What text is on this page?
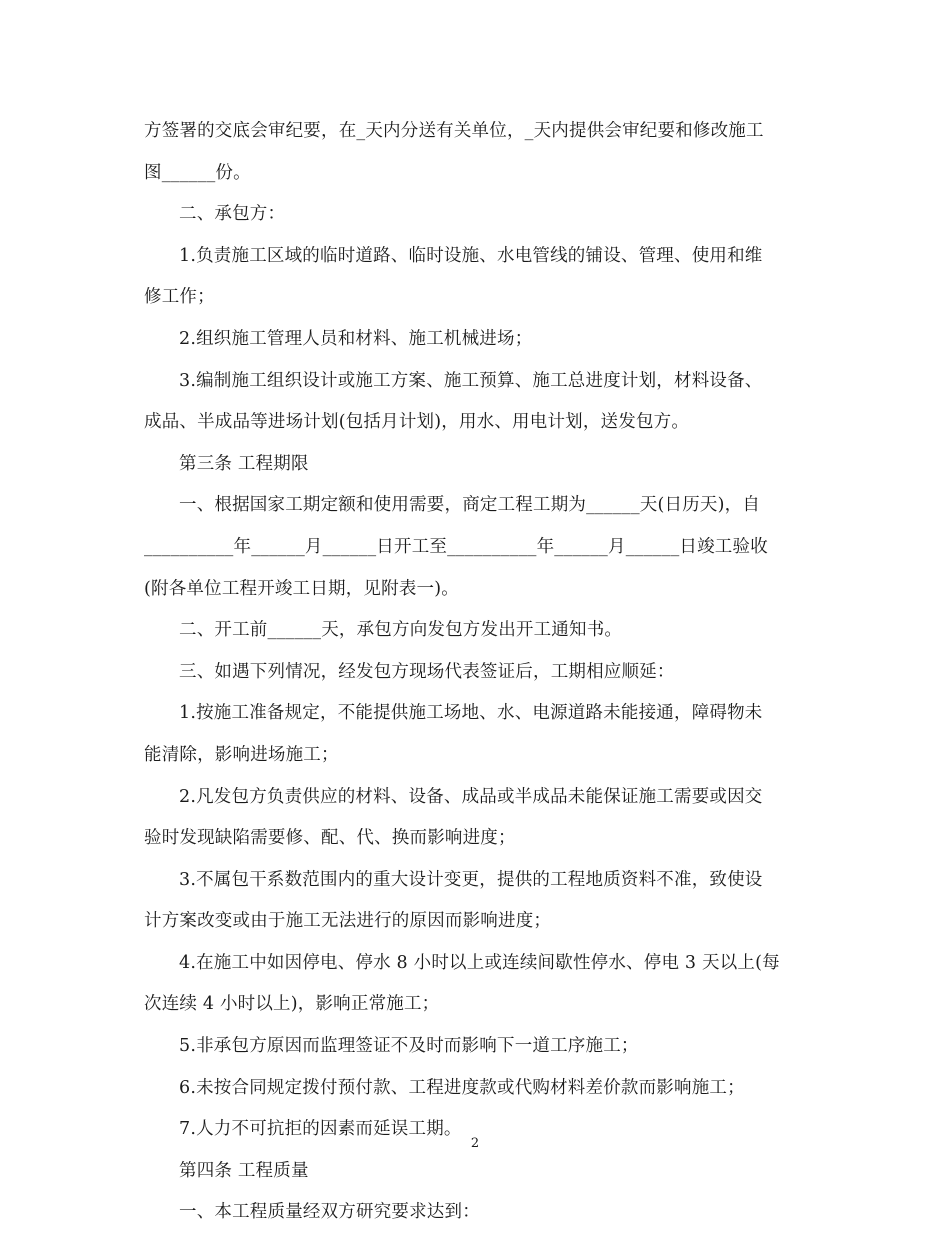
方签署的交底会审纪要，在_天内分送有关单位，_天内提供会审纪要和修改施工
图______份。
二、承包方：
1.负责施工区域的临时道路、临时设施、水电管线的铺设、管理、使用和维
修工作；
2.组织施工管理人员和材料、施工机械进场；
3.编制施工组织设计或施工方案、施工预算、施工总进度计划，材料设备、
成品、半成品等进场计划(包括月计划)，用水、用电计划，送发包方。
第三条 工程期限
一、根据国家工期定额和使用需要，商定工程工期为______天(日历天)，自
__________年______月______日开工至__________年______月______日竣工验收
(附各单位工程开竣工日期，见附表一)。
二、开工前______天，承包方向发包方发出开工通知书。
三、如遇下列情况，经发包方现场代表签证后，工期相应顺延：
1.按施工准备规定，不能提供施工场地、水、电源道路未能接通，障碍物未
能清除，影响进场施工；
2.凡发包方负责供应的材料、设备、成品或半成品未能保证施工需要或因交
验时发现缺陷需要修、配、代、换而影响进度；
3.不属包干系数范围内的重大设计变更，提供的工程地质资料不准，致使设
计方案改变或由于施工无法进行的原因而影响进度；
4.在施工中如因停电、停水 8 小时以上或连续间歇性停水、停电 3 天以上(每
次连续 4 小时以上)，影响正常施工；
5.非承包方原因而监理签证不及时而影响下一道工序施工；
6.未按合同规定拨付预付款、工程进度款或代购材料差价款而影响施工；
7.人力不可抗拒的因素而延误工期。
第四条 工程质量
一、本工程质量经双方研究要求达到：
2
